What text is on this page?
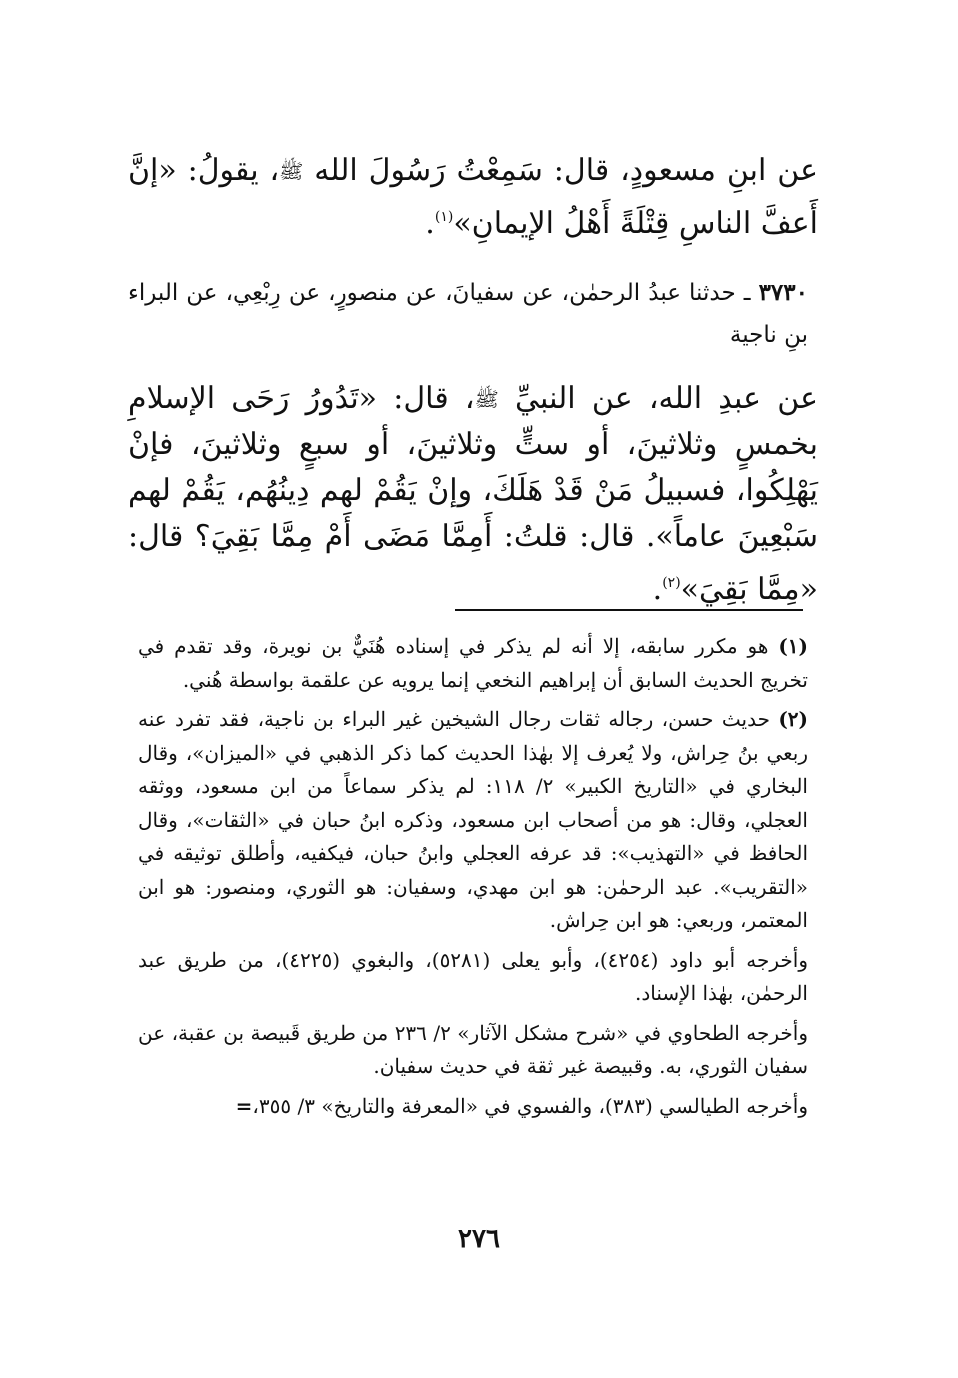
عن ابنِ مسعودٍ، قال: سَمِعْتُ رَسُولَ الله ﷺ، يقولُ: «إنَّ أَعفَّ الناسِ قِتْلَةً أَهْلُ الإيمانِ»$^{(١)}$.
٣٧٣٠ ـ حدثنا عبدُ الرحمٰن، عن سفيانَ، عن منصورٍ، عن رِبْعِي، عن البراء بنِ ناجية
عن عبدِ الله، عن النبيِّ ﷺ، قال: «تَدُورُ رَحَى الإسلامِ بخمسٍ وثلاثينَ، أو ستٍّ وثلاثينَ، أو سبعٍ وثلاثينَ، فإنْ يَهْلِكُوا، فسبيلُ مَنْ قَدْ هَلَكَ، وإنْ يَقُمْ لهم دِينُهُم، يَقُمْ لهم سَبْعِينَ عاماً». قال: قلتُ: أَمِمَّا مَضَى أَمْ مِمَّا بَقِيَ؟ قال: «مِمَّا بَقِيَ»$^{(٢)}$.

(١) هو مكرر سابقه، إلا أنه لم يذكر في إسناده هُنَيٌّ بن نويرة، وقد تقدم في تخريج الحديث السابق أن إبراهيم النخعي إنما يرويه عن علقمة بواسطة هُني.

(٢) حديث حسن، رجاله ثقات رجال الشيخين غير البراء بن ناجية، فقد تفرد عنه ربعي بنُ حِراش، ولا يُعرف إلا بهٰذا الحديث كما ذكر الذهبي في «الميزان»، وقال البخاري في «التاريخ الكبير» ٢/ ١١٨: لم يذكر سماعاً من ابن مسعود، ووثقه العجلي، وقال: هو من أصحاب ابن مسعود، وذكره ابنُ حبان في «الثقات»، وقال الحافظ في «التهذيب»: قد عرفه العجلي وابنُ حبان، فيكفيه، وأطلق توثيقه في «التقريب». عبد الرحمٰن: هو ابن مهدي، وسفيان: هو الثوري، ومنصور: هو ابن المعتمر، وربعي: هو ابن حِراش.

وأخرجه أبو داود (٤٢٥٤)، وأبو يعلى (٥٢٨١)، والبغوي (٤٢٢٥)، من طريق عبد الرحمٰن، بهٰذا الإسناد.

وأخرجه الطحاوي في «شرح مشكل الآثار» ٢/ ٢٣٦ من طريق قَبيصة بن عقبة، عن سفيان الثوري، به. وقبيصة غير ثقة في حديث سفيان.

وأخرجه الطيالسي (٣٨٣)، والفسوي في «المعرفة والتاريخ» ٣/ ٣٥٥،=

٢٧٦
